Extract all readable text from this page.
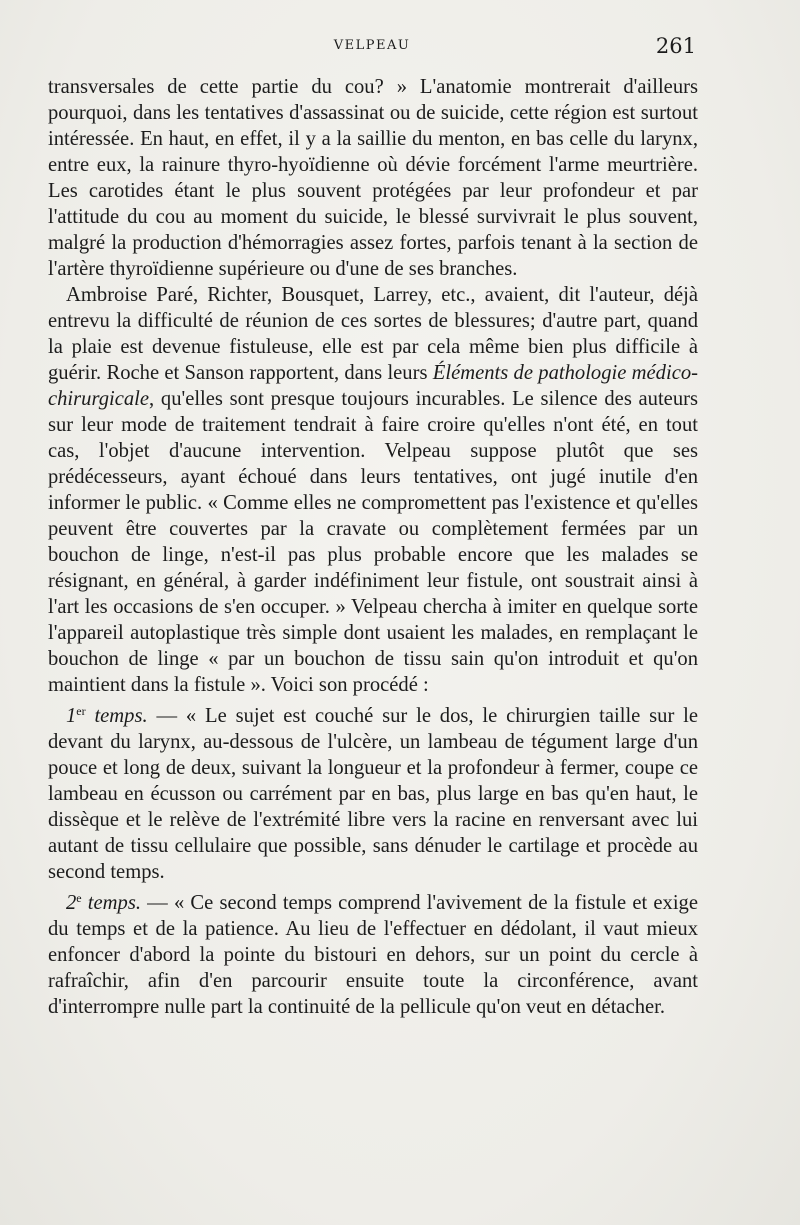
VELPEAU	261

transversales de cette partie du cou? » L'anatomie montrerait d'ailleurs pourquoi, dans les tentatives d'assassinat ou de suicide, cette région est surtout intéressée. En haut, en effet, il y a la saillie du menton, en bas celle du larynx, entre eux, la rainure thyro-hyoïdienne où dévie forcément l'arme meurtrière. Les carotides étant le plus souvent protégées par leur profondeur et par l'attitude du cou au moment du suicide, le blessé survivrait le plus souvent, malgré la production d'hémorragies assez fortes, parfois tenant à la section de l'artère thyroïdienne supérieure ou d'une de ses branches.

Ambroise Paré, Richter, Bousquet, Larrey, etc., avaient, dit l'auteur, déjà entrevu la difficulté de réunion de ces sortes de blessures; d'autre part, quand la plaie est devenue fistuleuse, elle est par cela même bien plus difficile à guérir. Roche et Sanson rapportent, dans leurs Éléments de pathologie médico-chirurgicale, qu'elles sont presque toujours incurables. Le silence des auteurs sur leur mode de traitement tendrait à faire croire qu'elles n'ont été, en tout cas, l'objet d'aucune intervention. Velpeau suppose plutôt que ses prédécesseurs, ayant échoué dans leurs tentatives, ont jugé inutile d'en informer le public. « Comme elles ne compromettent pas l'existence et qu'elles peuvent être couvertes par la cravate ou complètement fermées par un bouchon de linge, n'est-il pas plus probable encore que les malades se résignant, en général, à garder indéfiniment leur fistule, ont soustrait ainsi à l'art les occasions de s'en occuper. » Velpeau chercha à imiter en quelque sorte l'appareil autoplastique très simple dont usaient les malades, en remplaçant le bouchon de linge « par un bouchon de tissu sain qu'on introduit et qu'on maintient dans la fistule ». Voici son procédé :

1er temps. — « Le sujet est couché sur le dos, le chirurgien taille sur le devant du larynx, au-dessous de l'ulcère, un lambeau de tégument large d'un pouce et long de deux, suivant la longueur et la profondeur à fermer, coupe ce lambeau en écusson ou carrément par en bas, plus large en bas qu'en haut, le dissèque et le relève de l'extrémité libre vers la racine en renversant avec lui autant de tissu cellulaire que possible, sans dénuder le cartilage et procède au second temps.

2e temps. — « Ce second temps comprend l'avivement de la fistule et exige du temps et de la patience. Au lieu de l'effectuer en dédolant, il vaut mieux enfoncer d'abord la pointe du bistouri en dehors, sur un point du cercle à rafraîchir, afin d'en parcourir ensuite toute la circonférence, avant d'interrompre nulle part la continuité de la pellicule qu'on veut en détacher.
